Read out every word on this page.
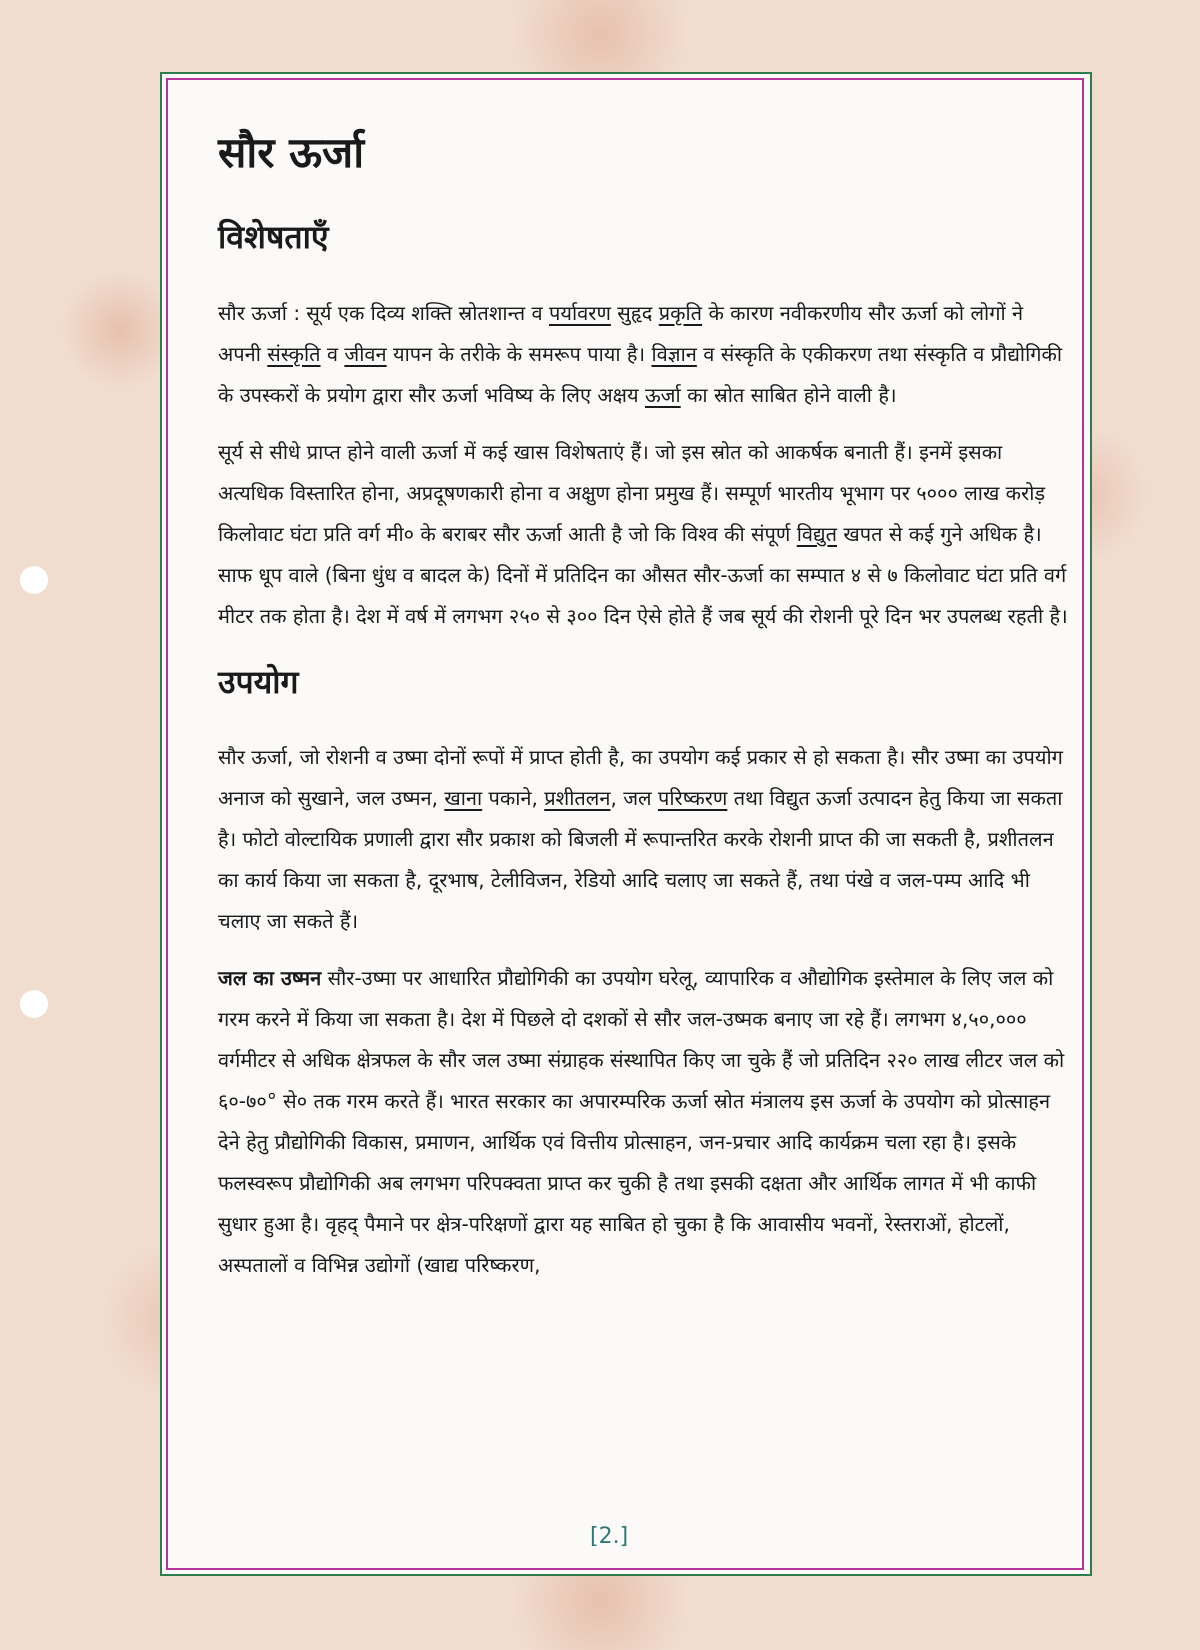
सौर ऊर्जा
विशेषताएँ

सौर ऊर्जा : सूर्य एक दिव्य शक्ति स्रोतशान्त व पर्यावरण सुहृद प्रकृति के कारण नवीकरणीय सौर ऊर्जा को लोगों ने अपनी संस्कृति व जीवन यापन के तरीके के समरूप पाया है। विज्ञान व संस्कृति के एकीकरण तथा संस्कृति व प्रौद्योगिकी के उपस्करों के प्रयोग द्वारा सौर ऊर्जा भविष्य के लिए अक्षय ऊर्जा का स्रोत साबित होने वाली है।

सूर्य से सीधे प्राप्त होने वाली ऊर्जा में कई खास विशेषताएं हैं। जो इस स्रोत को आकर्षक बनाती हैं। इनमें इसका अत्यधिक विस्तारित होना, अप्रदूषणकारी होना व अक्षुण होना प्रमुख हैं। सम्पूर्ण भारतीय भूभाग पर ५००० लाख करोड़ किलोवाट घंटा प्रति वर्ग मी० के बराबर सौर ऊर्जा आती है जो कि विश्व की संपूर्ण विद्युत खपत से कई गुने अधिक है। साफ धूप वाले (बिना धुंध व बादल के) दिनों में प्रतिदिन का औसत सौर-ऊर्जा का सम्पात ४ से ७ किलोवाट घंटा प्रति वर्ग मीटर तक होता है। देश में वर्ष में लगभग २५० से ३०० दिन ऐसे होते हैं जब सूर्य की रोशनी पूरे दिन भर उपलब्ध रहती है।

उपयोग

सौर ऊर्जा, जो रोशनी व उष्मा दोनों रूपों में प्राप्त होती है, का उपयोग कई प्रकार से हो सकता है। सौर उष्मा का उपयोग अनाज को सुखाने, जल उष्मन, खाना पकाने, प्रशीतलन, जल परिष्करण तथा विद्युत ऊर्जा उत्पादन हेतु किया जा सकता है। फोटो वोल्टायिक प्रणाली द्वारा सौर प्रकाश को बिजली में रूपान्तरित करके रोशनी प्राप्त की जा सकती है, प्रशीतलन का कार्य किया जा सकता है, दूरभाष, टेलीविजन, रेडियो आदि चलाए जा सकते हैं, तथा पंखे व जल-पम्प आदि भी चलाए जा सकते हैं।

जल का उष्मन सौर-उष्मा पर आधारित प्रौद्योगिकी का उपयोग घरेलू, व्यापारिक व औद्योगिक इस्तेमाल के लिए जल को गरम करने में किया जा सकता है। देश में पिछले दो दशकों से सौर जल-उष्मक बनाए जा रहे हैं। लगभग ४,५०,००० वर्गमीटर से अधिक क्षेत्रफल के सौर जल उष्मा संग्राहक संस्थापित किए जा चुके हैं जो प्रतिदिन २२० लाख लीटर जल को ६०-७०° से० तक गरम करते हैं। भारत सरकार का अपारम्परिक ऊर्जा स्रोत मंत्रालय इस ऊर्जा के उपयोग को प्रोत्साहन देने हेतु प्रौद्योगिकी विकास, प्रमाणन, आर्थिक एवं वित्तीय प्रोत्साहन, जन-प्रचार आदि कार्यक्रम चला रहा है। इसके फलस्वरूप प्रौद्योगिकी अब लगभग परिपक्वता प्राप्त कर चुकी है तथा इसकी दक्षता और आर्थिक लागत में भी काफी सुधार हुआ है। वृहद् पैमाने पर क्षेत्र-परिक्षणों द्वारा यह साबित हो चुका है कि आवासीय भवनों, रेस्तराओं, होटलों, अस्पतालों व विभिन्न उद्योगों (खाद्य परिष्करण,

[2.]
